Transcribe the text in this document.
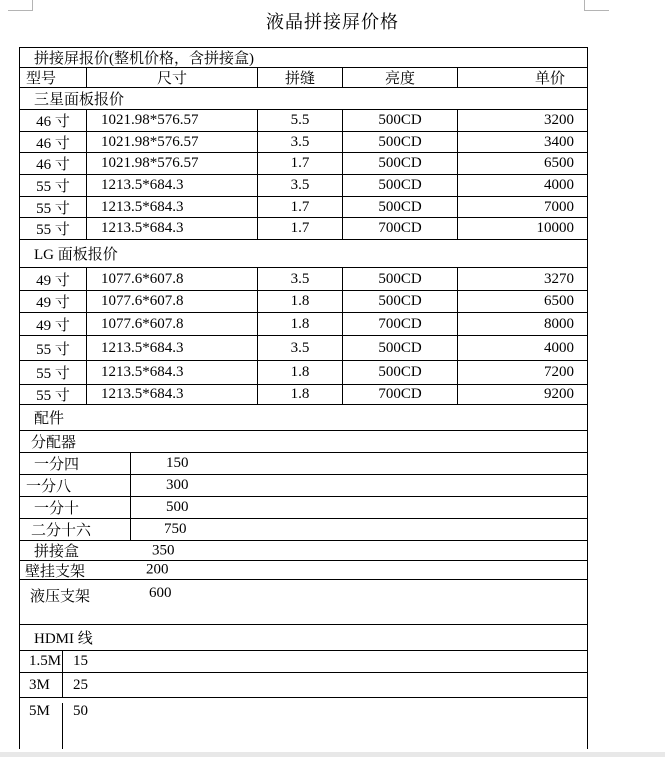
液晶拼接屏价格
拼接屏报价(整机价格，含拼接盒)
型号	尺寸	拼缝	亮度	单价
三星面板报价
46 寸	1021.98*576.57	5.5	500CD	3200
46 寸	1021.98*576.57	3.5	500CD	3400
46 寸	1021.98*576.57	1.7	500CD	6500
55 寸	1213.5*684.3	3.5	500CD	4000
55 寸	1213.5*684.3	1.7	500CD	7000
55 寸	1213.5*684.3	1.7	700CD	10000
LG 面板报价
49 寸	1077.6*607.8	3.5	500CD	3270
49 寸	1077.6*607.8	1.8	500CD	6500
49 寸	1077.6*607.8	1.8	700CD	8000
55 寸	1213.5*684.3	3.5	500CD	4000
55 寸	1213.5*684.3	1.8	500CD	7200
55 寸	1213.5*684.3	1.8	700CD	9200
配件
分配器
一分四	150
一分八	300
一分十	500
二分十六	750
拼接盒	350
壁挂支架	200
液压支架	600
HDMI 线
1.5M 15
3M	25
5M	50
